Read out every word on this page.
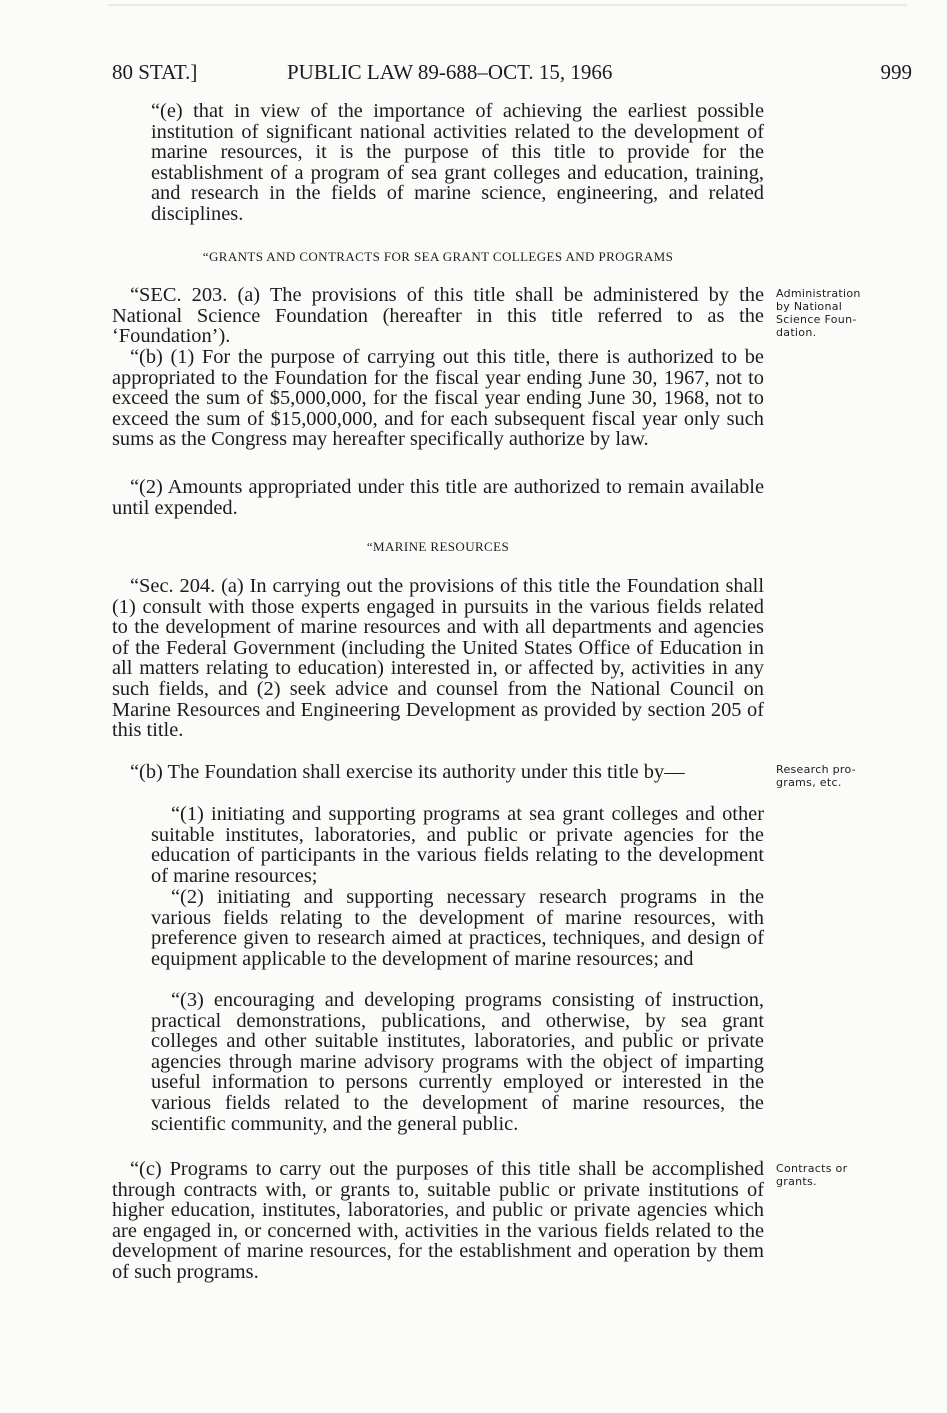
80 STAT.]	PUBLIC LAW 89-688–OCT. 15, 1966	999

“(e) that in view of the importance of achieving the earliest possible institution of significant national activities related to the development of marine resources, it is the purpose of this title to provide for the establishment of a program of sea grant colleges and education, training, and research in the fields of marine science, engineering, and related disciplines.

“GRANTS AND CONTRACTS FOR SEA GRANT COLLEGES AND PROGRAMS

“SEC. 203. (a) The provisions of this title shall be administered by the National Science Foundation (hereafter in this title referred to as the ‘Foundation’).

“(b) (1) For the purpose of carrying out this title, there is authorized to be appropriated to the Foundation for the fiscal year ending June 30, 1967, not to exceed the sum of $5,000,000, for the fiscal year ending June 30, 1968, not to exceed the sum of $15,000,000, and for each subsequent fiscal year only such sums as the Congress may hereafter specifically authorize by law.

“(2) Amounts appropriated under this title are authorized to remain available until expended.

“MARINE RESOURCES

“Sec. 204. (a) In carrying out the provisions of this title the Foundation shall (1) consult with those experts engaged in pursuits in the various fields related to the development of marine resources and with all departments and agencies of the Federal Government (including the United States Office of Education in all matters relating to education) interested in, or affected by, activities in any such fields, and (2) seek advice and counsel from the National Council on Marine Resources and Engineering Development as provided by section 205 of this title.

“(b) The Foundation shall exercise its authority under this title by—

“(1) initiating and supporting programs at sea grant colleges and other suitable institutes, laboratories, and public or private agencies for the education of participants in the various fields relating to the development of marine resources;

“(2) initiating and supporting necessary research programs in the various fields relating to the development of marine resources, with preference given to research aimed at practices, techniques, and design of equipment applicable to the development of marine resources; and

“(3) encouraging and developing programs consisting of instruction, practical demonstrations, publications, and otherwise, by sea grant colleges and other suitable institutes, laboratories, and public or private agencies through marine advisory programs with the object of imparting useful information to persons currently employed or interested in the various fields related to the development of marine resources, the scientific community, and the general public.

“(c) Programs to carry out the purposes of this title shall be accomplished through contracts with, or grants to, suitable public or private institutions of higher education, institutes, laboratories, and public or private agencies which are engaged in, or concerned with, activities in the various fields related to the development of marine resources, for the establishment and operation by them of such programs.

Administration
by National
Science Foun-
dation.
Research pro-
grams, etc.
Contracts or
grants.
